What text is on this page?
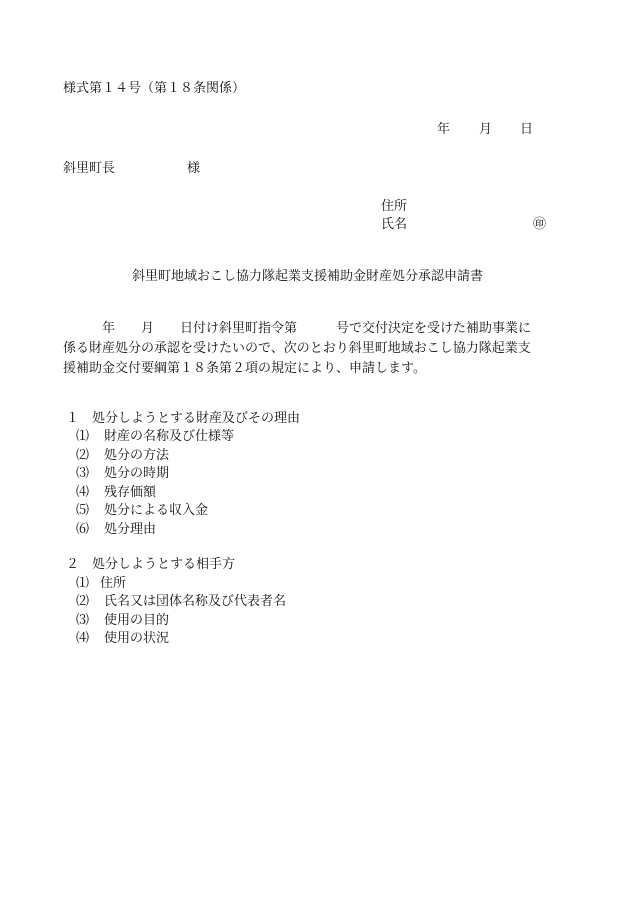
様式第１４号（第１８条関係）
年 月 日
斜里町長	様
住所
氏名	㊞
斜里町地域おこし協力隊起業支援補助金財産処分承認申請書
　　　年　　月　　日付け斜里町指令第　　　号で交付決定を受けた補助事業に
係る財産処分の承認を受けたいので、次のとおり斜里町地域おこし協力隊起業支
援補助金交付要綱第１８条第２項の規定により、申請します。
１　処分しようとする財産及びその理由
⑴ 財産の名称及び仕様等
⑵ 処分の方法
⑶ 処分の時期
⑷ 残存価額
⑸ 処分による収入金
⑹ 処分理由
２　処分しようとする相手方
⑴ 住所
⑵ 氏名又は団体名称及び代表者名
⑶ 使用の目的
⑷ 使用の状況
